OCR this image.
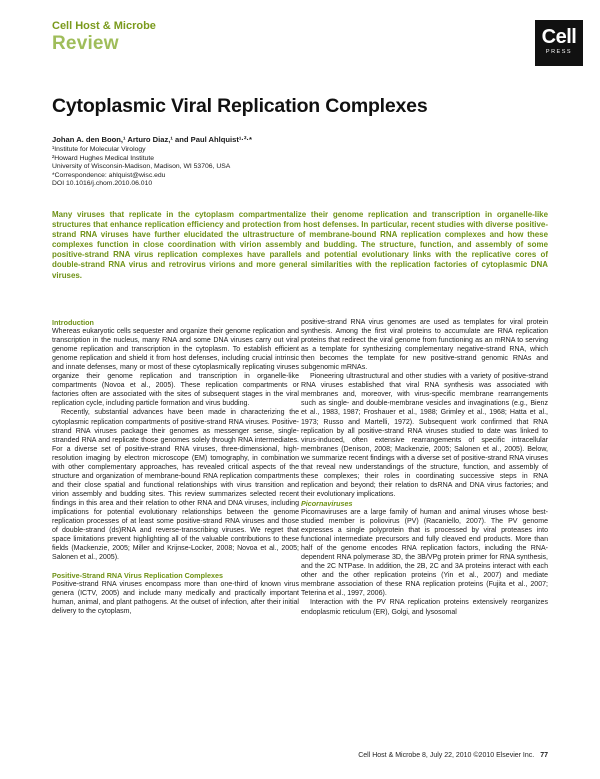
Cell Host & Microbe
Review	Cell
PRESS
Cytoplasmic Viral Replication Complexes
Johan A. den Boon,¹ Arturo Diaz,¹ and Paul Ahlquist¹·²·*
¹Institute for Molecular Virology
²Howard Hughes Medical Institute
University of Wisconsin-Madison, Madison, WI 53706, USA
*Correspondence: ahlquist@wisc.edu
DOI 10.1016/j.chom.2010.06.010
Many viruses that replicate in the cytoplasm compartmentalize their genome replication and transcription in organelle-like structures that enhance replication efficiency and protection from host defenses. In particular, recent studies with diverse positive-strand RNA viruses have further elucidated the ultrastructure of membrane-bound RNA replication complexes and how these complexes function in close coordination with virion assembly and budding. The structure, function, and assembly of some positive-strand RNA virus replication complexes have parallels and potential evolutionary links with the replicative cores of double-strand RNA virus and retrovirus virions and more general similarities with the replication factories of cytoplasmic DNA viruses.
Introduction

Whereas eukaryotic cells sequester and organize their genome replication and transcription in the nucleus, many RNA and some DNA viruses carry out viral genome replication and transcription in the cytoplasm. To establish efficient genome replication and shield it from host defenses, including crucial intrinsic and innate defenses, many or most of these cytoplasmically replicating viruses organize their genome replication and transcription in organelle-like compartments (Novoa et al., 2005). These replication compartments or factories often are associated with the sites of subsequent stages in the viral replication cycle, including particle formation and virus budding.

Recently, substantial advances have been made in characterizing the cytoplasmic replication compartments of positive-strand RNA viruses. Positive-strand RNA viruses package their genomes as messenger sense, single-stranded RNA and replicate those genomes solely through RNA intermediates. For a diverse set of positive-strand RNA viruses, three-dimensional, high-resolution imaging by electron microscope (EM) tomography, in combination with other complementary approaches, has revealed critical aspects of the structure and organization of membrane-bound RNA replication compartments and their close spatial and functional relationships with virus transition and virion assembly and budding sites. This review summarizes selected recent findings in this area and their relation to other RNA and DNA viruses, including implications for potential evolutionary relationships between the genome replication processes of at least some positive-strand RNA viruses and those of double-strand (ds)RNA and reverse-transcribing viruses. We regret that space limitations prevent highlighting all of the valuable contributions to these fields (Mackenzie, 2005; Miller and Krijnse-Locker, 2008; Novoa et al., 2005; Salonen et al., 2005).

Positive-Strand RNA Virus Replication Complexes

Positive-strand RNA viruses encompass more than one-third of known virus genera (ICTV, 2005) and include many medically and practically important human, animal, and plant pathogens. At the outset of infection, after their initial delivery to the cytoplasm,

positive-strand RNA virus genomes are used as templates for viral protein synthesis. Among the first viral proteins to accumulate are RNA replication proteins that redirect the viral genome from functioning as an mRNA to serving as a template for synthesizing complementary negative-strand RNA, which then becomes the template for new positive-strand genomic RNAs and subgenomic mRNAs.

Pioneering ultrastructural and other studies with a variety of positive-strand RNA viruses established that viral RNA synthesis was associated with membranes and, moreover, with virus-specific membrane rearrangements such as single- and double-membrane vesicles and invaginations (e.g., Bienz et al., 1983, 1987; Froshauer et al., 1988; Grimley et al., 1968; Hatta et al., 1973; Russo and Martelli, 1972). Subsequent work confirmed that RNA replication by all positive-strand RNA viruses studied to date was linked to virus-induced, often extensive rearrangements of specific intracellular membranes (Denison, 2008; Mackenzie, 2005; Salonen et al., 2005). Below, we summarize recent findings with a diverse set of positive-strand RNA viruses that reveal new understandings of the structure, function, and assembly of these complexes; their roles in coordinating successive steps in RNA replication and beyond; their relation to dsRNA and DNA virus factories; and their evolutionary implications.

Picornaviruses

Picornaviruses are a large family of human and animal viruses whose best-studied member is poliovirus (PV) (Racaniello, 2007). The PV genome expresses a single polyprotein that is processed by viral proteases into functional intermediate precursors and fully cleaved end products. More than half of the genome encodes RNA replication factors, including the RNA-dependent RNA polymerase 3D, the 3B/VPg protein primer for RNA synthesis, and the 2C NTPase. In addition, the 2B, 2C and 3A proteins interact with each other and the other replication proteins (Yin et al., 2007) and mediate membrane association of these RNA replication proteins (Fujita et al., 2007; Teterina et al., 1997, 2006).

Interaction with the PV RNA replication proteins extensively reorganizes endoplasmic reticulum (ER), Golgi, and lysosomal

Cell Host & Microbe 8, July 22, 2010 ©2010 Elsevier Inc. 77
